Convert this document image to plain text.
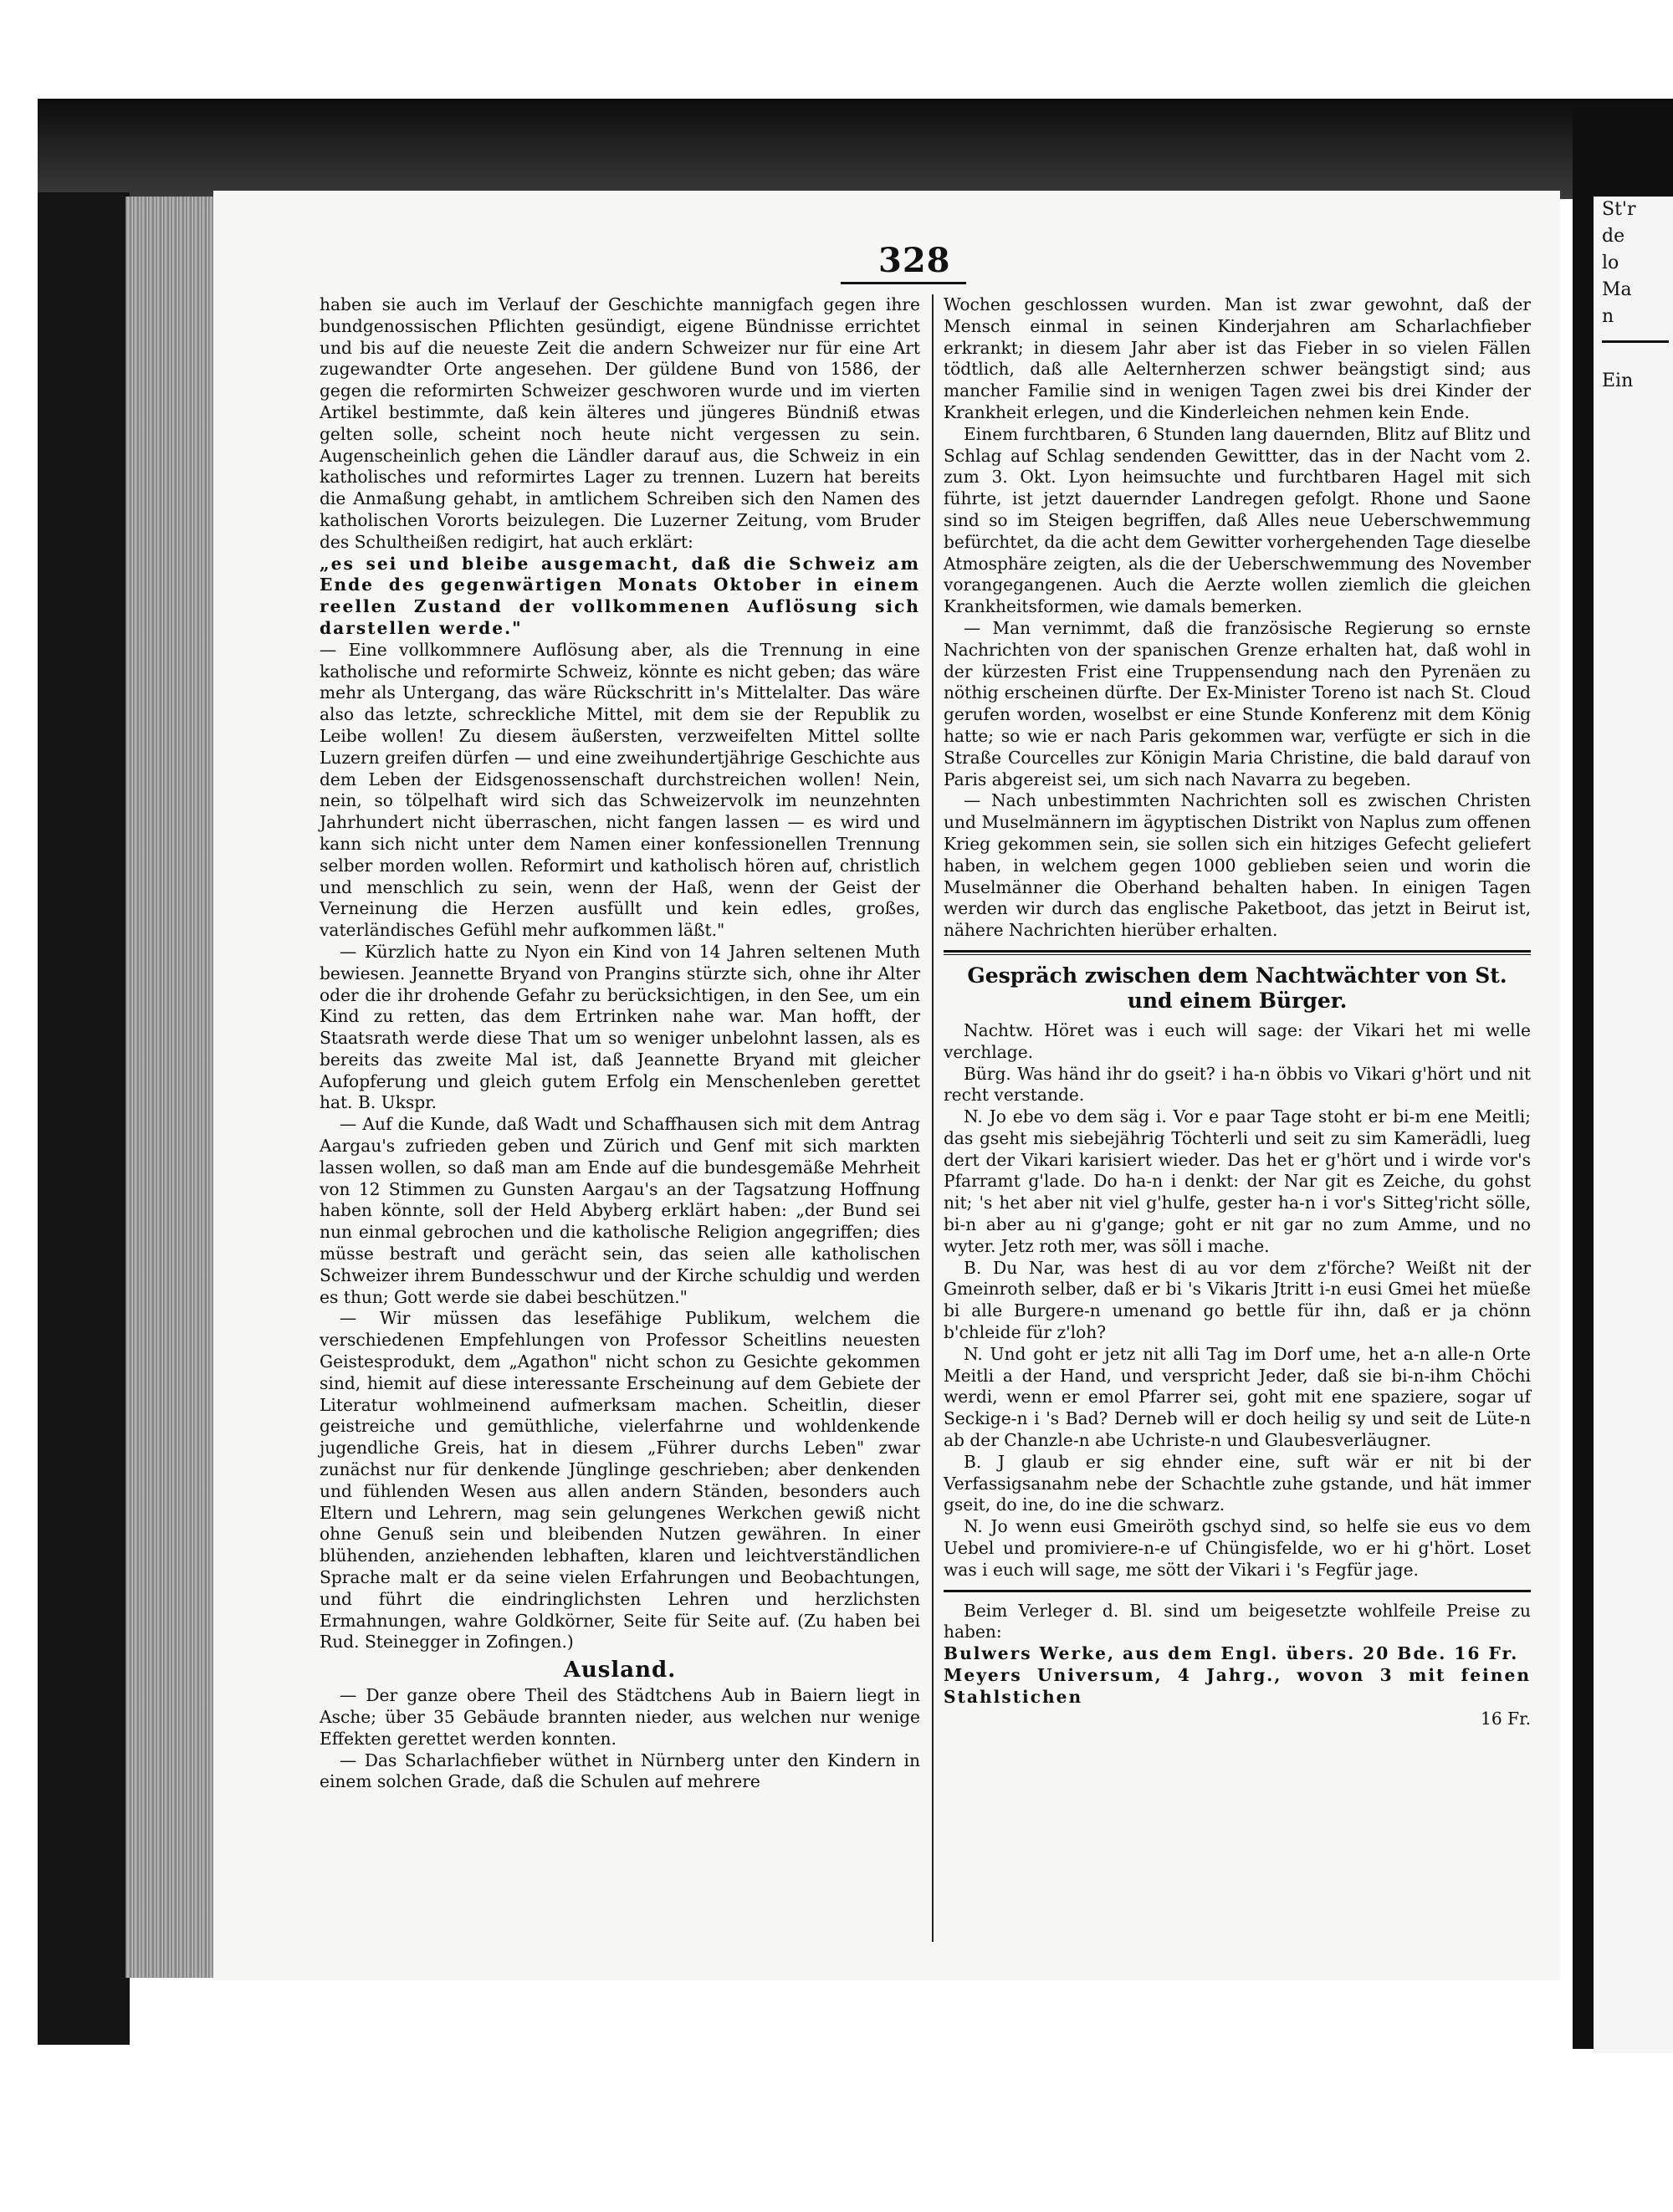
St'r
de
lo
Ma
n
Ein
328

haben sie auch im Verlauf der Geschichte mannigfach gegen ihre bundgenossischen Pflichten gesündigt, eigene Bündnisse errichtet und bis auf die neueste Zeit die andern Schweizer nur für eine Art zugewandter Orte angesehen. Der güldene Bund von 1586, der gegen die reformirten Schweizer geschworen wurde und im vierten Artikel bestimmte, daß kein älteres und jüngeres Bündniß etwas gelten solle, scheint noch heute nicht vergessen zu sein. Augenscheinlich gehen die Ländler darauf aus, die Schweiz in ein katholisches und reformirtes Lager zu trennen. Luzern hat bereits die Anmaßung gehabt, in amtlichem Schreiben sich den Namen des katholischen Vororts beizulegen. Die Luzerner Zeitung, vom Bruder des Schultheißen redigirt, hat auch erklärt:

„es sei und bleibe ausgemacht, daß die Schweiz am Ende des gegenwärtigen Monats Oktober in einem reellen Zustand der vollkommenen Auflösung sich darstellen werde."

— Eine vollkommnere Auflösung aber, als die Trennung in eine katholische und reformirte Schweiz, könnte es nicht geben; das wäre mehr als Untergang, das wäre Rückschritt in's Mittelalter. Das wäre also das letzte, schreckliche Mittel, mit dem sie der Republik zu Leibe wollen! Zu diesem äußersten, verzweifelten Mittel sollte Luzern greifen dürfen — und eine zweihundertjährige Geschichte aus dem Leben der Eidsgenossenschaft durchstreichen wollen! Nein, nein, so tölpelhaft wird sich das Schweizervolk im neunzehnten Jahrhundert nicht überraschen, nicht fangen lassen — es wird und kann sich nicht unter dem Namen einer konfessionellen Trennung selber morden wollen. Reformirt und katholisch hören auf, christlich und menschlich zu sein, wenn der Haß, wenn der Geist der Verneinung die Herzen ausfüllt und kein edles, großes, vaterländisches Gefühl mehr aufkommen läßt."

— Kürzlich hatte zu Nyon ein Kind von 14 Jahren seltenen Muth bewiesen. Jeannette Bryand von Prangins stürzte sich, ohne ihr Alter oder die ihr drohende Gefahr zu berücksichtigen, in den See, um ein Kind zu retten, das dem Ertrinken nahe war. Man hofft, der Staatsrath werde diese That um so weniger unbelohnt lassen, als es bereits das zweite Mal ist, daß Jeannette Bryand mit gleicher Aufopferung und gleich gutem Erfolg ein Menschenleben gerettet hat. B. Ukspr.

— Auf die Kunde, daß Wadt und Schaffhausen sich mit dem Antrag Aargau's zufrieden geben und Zürich und Genf mit sich markten lassen wollen, so daß man am Ende auf die bundesgemäße Mehrheit von 12 Stimmen zu Gunsten Aargau's an der Tagsatzung Hoffnung haben könnte, soll der Held Abyberg erklärt haben: „der Bund sei nun einmal gebrochen und die katholische Religion angegriffen; dies müsse bestraft und gerächt sein, das seien alle katholischen Schweizer ihrem Bundesschwur und der Kirche schuldig und werden es thun; Gott werde sie dabei beschützen."

— Wir müssen das lesefähige Publikum, welchem die verschiedenen Empfehlungen von Professor Scheitlins neuesten Geistesprodukt, dem „Agathon" nicht schon zu Gesichte gekommen sind, hiemit auf diese interessante Erscheinung auf dem Gebiete der Literatur wohlmeinend aufmerksam machen. Scheitlin, dieser geistreiche und gemüthliche, vielerfahrne und wohldenkende jugendliche Greis, hat in diesem „Führer durchs Leben" zwar zunächst nur für denkende Jünglinge geschrieben; aber denkenden und fühlenden Wesen aus allen andern Ständen, besonders auch Eltern und Lehrern, mag sein gelungenes Werkchen gewiß nicht ohne Genuß sein und bleibenden Nutzen gewähren. In einer blühenden, anziehenden lebhaften, klaren und leichtverständlichen Sprache malt er da seine vielen Erfahrungen und Beobachtungen, und führt die eindringlichsten Lehren und herzlichsten Ermahnungen, wahre Goldkörner, Seite für Seite auf. (Zu haben bei Rud. Steinegger in Zofingen.)

Ausland.

— Der ganze obere Theil des Städtchens Aub in Baiern liegt in Asche; über 35 Gebäude brannten nieder, aus welchen nur wenige Effekten gerettet werden konnten.

— Das Scharlachfieber wüthet in Nürnberg unter den Kindern in einem solchen Grade, daß die Schulen auf mehrere

Wochen geschlossen wurden. Man ist zwar gewohnt, daß der Mensch einmal in seinen Kinderjahren am Scharlachfieber erkrankt; in diesem Jahr aber ist das Fieber in so vielen Fällen tödtlich, daß alle Aelternherzen schwer beängstigt sind; aus mancher Familie sind in wenigen Tagen zwei bis drei Kinder der Krankheit erlegen, und die Kinderleichen nehmen kein Ende.

Einem furchtbaren, 6 Stunden lang dauernden, Blitz auf Blitz und Schlag auf Schlag sendenden Gewittter, das in der Nacht vom 2. zum 3. Okt. Lyon heimsuchte und furchtbaren Hagel mit sich führte, ist jetzt dauernder Landregen gefolgt. Rhone und Saone sind so im Steigen begriffen, daß Alles neue Ueberschwemmung befürchtet, da die acht dem Gewitter vorhergehenden Tage dieselbe Atmosphäre zeigten, als die der Ueberschwemmung des November vorangegangenen. Auch die Aerzte wollen ziemlich die gleichen Krankheitsformen, wie damals bemerken.

— Man vernimmt, daß die französische Regierung so ernste Nachrichten von der spanischen Grenze erhalten hat, daß wohl in der kürzesten Frist eine Truppensendung nach den Pyrenäen zu nöthig erscheinen dürfte. Der Ex-Minister Toreno ist nach St. Cloud gerufen worden, woselbst er eine Stunde Konferenz mit dem König hatte; so wie er nach Paris gekommen war, verfügte er sich in die Straße Courcelles zur Königin Maria Christine, die bald darauf von Paris abgereist sei, um sich nach Navarra zu begeben.

— Nach unbestimmten Nachrichten soll es zwischen Christen und Muselmännern im ägyptischen Distrikt von Naplus zum offenen Krieg gekommen sein, sie sollen sich ein hitziges Gefecht geliefert haben, in welchem gegen 1000 geblieben seien und worin die Muselmänner die Oberhand behalten haben. In einigen Tagen werden wir durch das englische Paketboot, das jetzt in Beirut ist, nähere Nachrichten hierüber erhalten.

Gespräch zwischen dem Nachtwächter von St. und einem Bürger.

Nachtw. Höret was i euch will sage: der Vikari het mi welle verchlage.

Bürg. Was händ ihr do gseit? i ha-n öbbis vo Vikari g'hört und nit recht verstande.

N. Jo ebe vo dem säg i. Vor e paar Tage stoht er bi-m ene Meitli; das gseht mis siebejährig Töchterli und seit zu sim Kamerädli, lueg dert der Vikari karisiert wieder. Das het er g'hört und i wirde vor's Pfarramt g'lade. Do ha-n i denkt: der Nar git es Zeiche, du gohst nit; 's het aber nit viel g'hulfe, gester ha-n i vor's Sitteg'richt sölle, bi-n aber au ni g'gange; goht er nit gar no zum Amme, und no wyter. Jetz roth mer, was söll i mache.

B. Du Nar, was hest di au vor dem z'förche? Weißt nit der Gmeinroth selber, daß er bi 's Vikaris Jtritt i-n eusi Gmei het müeße bi alle Burgere-n umenand go bettle für ihn, daß er ja chönn b'chleide für z'loh?

N. Und goht er jetz nit alli Tag im Dorf ume, het a-n alle-n Orte Meitli a der Hand, und verspricht Jeder, daß sie bi-n-ihm Chöchi werdi, wenn er emol Pfarrer sei, goht mit ene spaziere, sogar uf Seckige-n i 's Bad? Derneb will er doch heilig sy und seit de Lüte-n ab der Chanzle-n abe Uchriste-n und Glaubesverläugner.

B. J glaub er sig ehnder eine, suft wär er nit bi der Verfassigsanahm nebe der Schachtle zuhe gstande, und hät immer gseit, do ine, do ine die schwarz.

N. Jo wenn eusi Gmeiröth gschyd sind, so helfe sie eus vo dem Uebel und promiviere-n-e uf Chüngisfelde, wo er hi g'hört. Loset was i euch will sage, me sött der Vikari i 's Fegfür jage.

Beim Verleger d. Bl. sind um beigesetzte wohlfeile Preise zu haben:

Bulwers Werke, aus dem Engl. übers. 20 Bde. 16 Fr.

Meyers Universum, 4 Jahrg., wovon 3 mit feinen Stahlstichen

16 Fr.
